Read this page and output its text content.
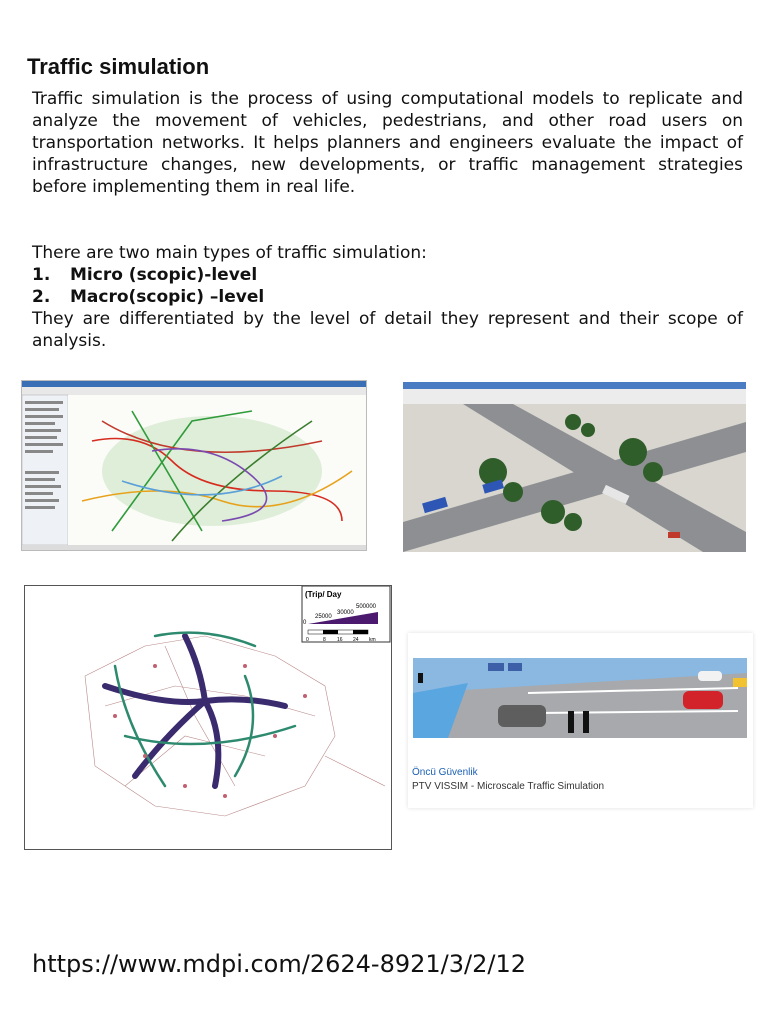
Traffic simulation

Traffic simulation is the process of using computational models to replicate and analyze the movement of vehicles, pedestrians, and other road users on transportation networks. It helps planners and engineers evaluate the impact of infrastructure changes, new developments, or traffic management strategies before implementing them in real life.

There are two main types of traffic simulation:

1. Micro (scopic)-level
2. Macro(scopic) –level

They are differentiated by the level of detail they represent and their scope of analysis.

(Trip/ Day
0
25000
30000
500000
0	8 16 24 km
Öncü Güvenlik
PTV VISSIM - Microscale Traffic Simulation
https://www.mdpi.com/2624-8921/3/2/12
